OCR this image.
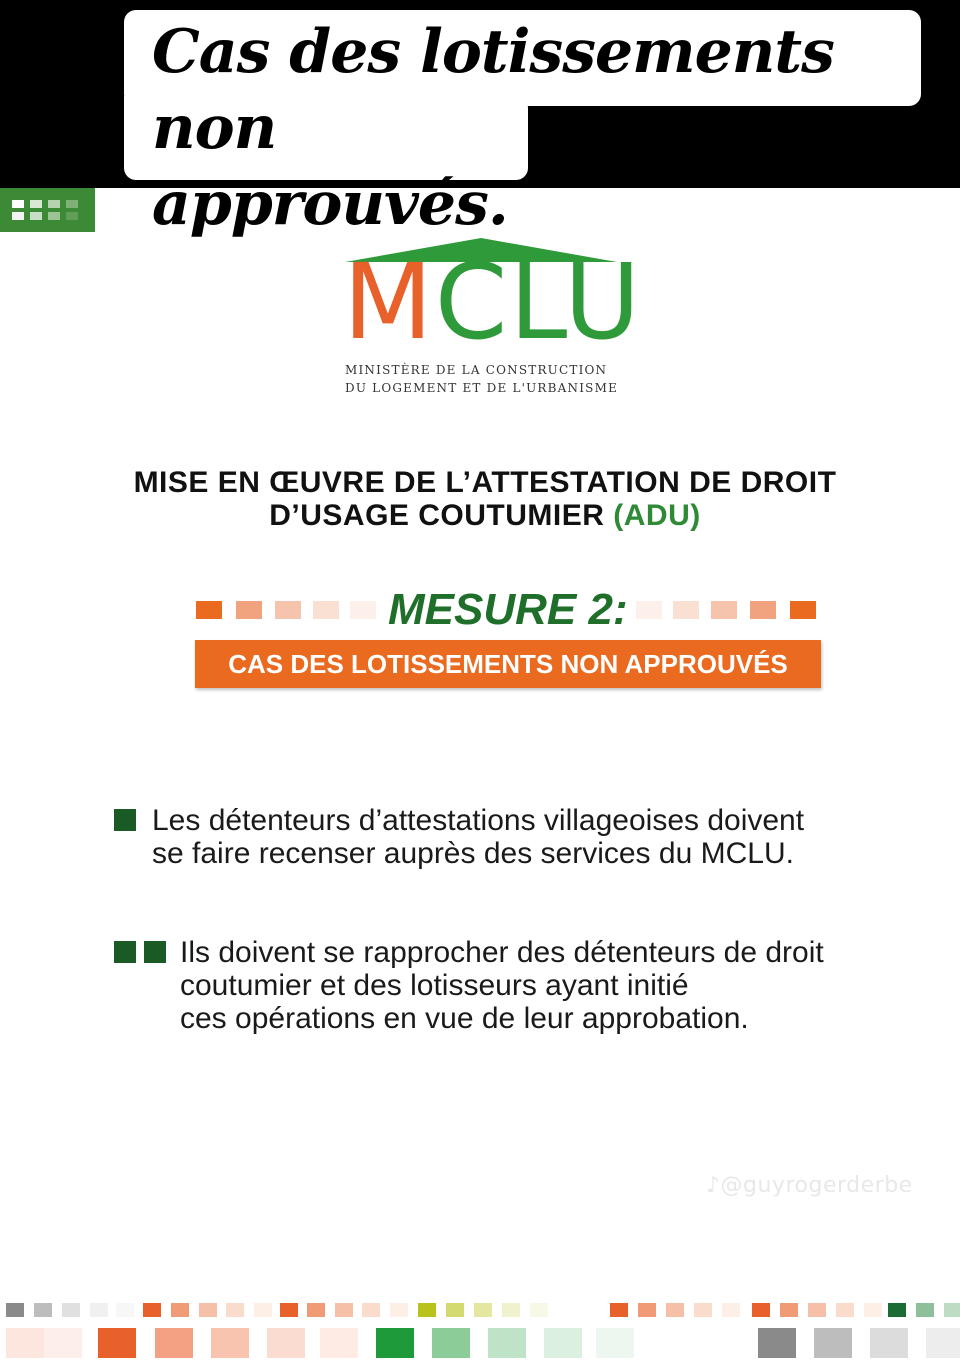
Cas des lotissements non
approuvés.
MCLU
MINISTÈRE DE LA CONSTRUCTION
DU LOGEMENT ET DE L'URBANISME
MISE EN ŒUVRE DE L’ATTESTATION DE DROIT
D’USAGE COUTUMIER (ADU)
MESURE 2:
CAS DES LOTISSEMENTS NON APPROUVÉS
Les détenteurs d’attestations villageoises doivent
se faire recenser auprès des services du MCLU.
Ils doivent se rapprocher des détenteurs de droit
coutumier et des lotisseurs ayant initié
ces opérations en vue de leur approbation.
♪@guyrogerderbe
